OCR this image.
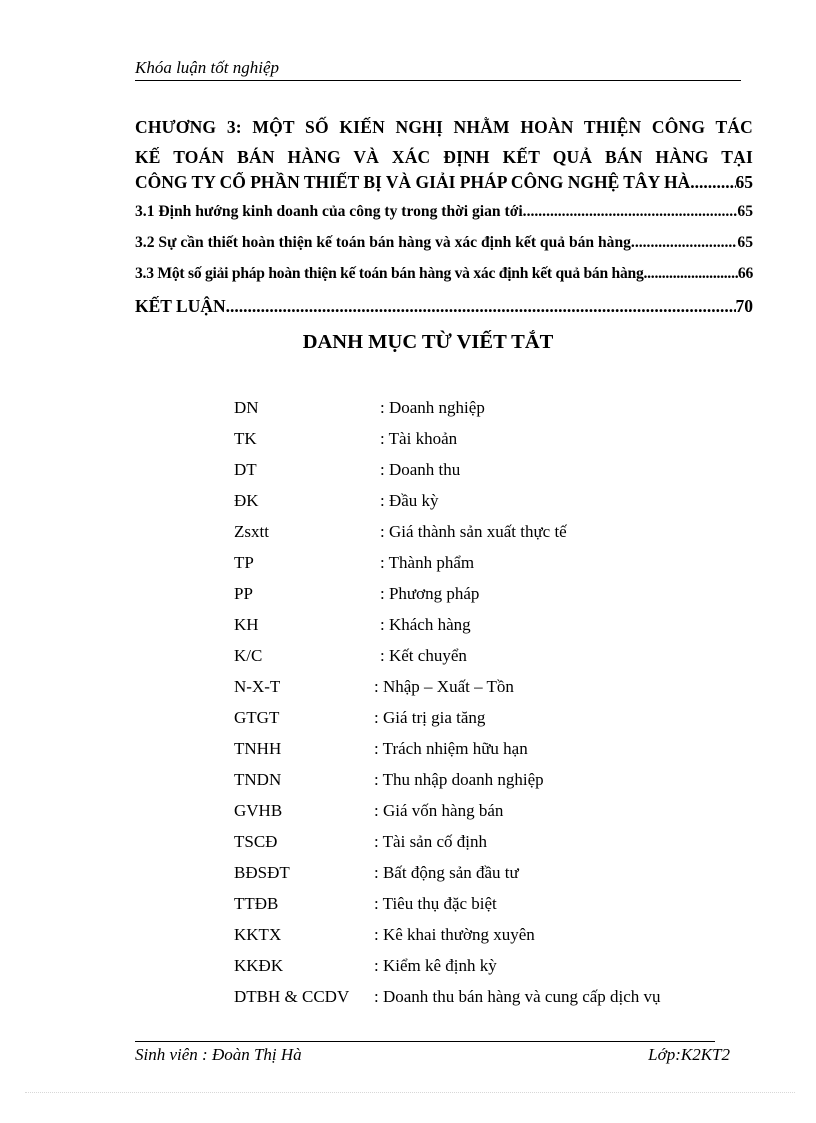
Khóa luận tốt nghiệp
CHƯƠNG 3: MỘT SỐ KIẾN NGHỊ NHẰM HOÀN THIỆN CÔNG TÁC
KẾ TOÁN BÁN HÀNG VÀ XÁC ĐỊNH KẾT QUẢ BÁN HÀNG TẠI
CÔNG TY CỔ PHẦN THIẾT BỊ VÀ GIẢI PHÁP CÔNG NGHỆ TÂY HÀ .....	65
3.1 Định hướng kinh doanh của công ty trong thời gian tới. .....	65
3.2 Sự cần thiết hoàn thiện kế toán bán hàng và xác định kết quả bán hàng. .....	65
3.3 Một số giải pháp hoàn thiện kế toán bán hàng và xác định kết quả bán hàng. .....	66
KẾT LUẬN .....	70
DANH MỤC TỪ VIẾT TẮT
DN	: Doanh nghiệp
TK	: Tài khoản
DT	: Doanh thu
ĐK	: Đầu kỳ
Zsxtt	: Giá thành sản xuất thực tế
TP	: Thành phẩm
PP	: Phương pháp
KH	: Khách hàng
K/C	: Kết chuyển
N-X-T	: Nhập – Xuất – Tồn
GTGT	: Giá trị gia tăng
TNHH	: Trách nhiệm hữu hạn
TNDN	: Thu nhập doanh nghiệp
GVHB	: Giá vốn hàng bán
TSCĐ	: Tài sản cố định
BĐSĐT	: Bất động sản đầu tư
TTĐB	: Tiêu thụ đặc biệt
KKTX	: Kê khai thường xuyên
KKĐK	: Kiểm kê định kỳ
DTBH & CCDV : Doanh thu bán hàng và cung cấp dịch vụ
Sinh viên : Đoàn Thị Hà	Lớp:K2KT2
